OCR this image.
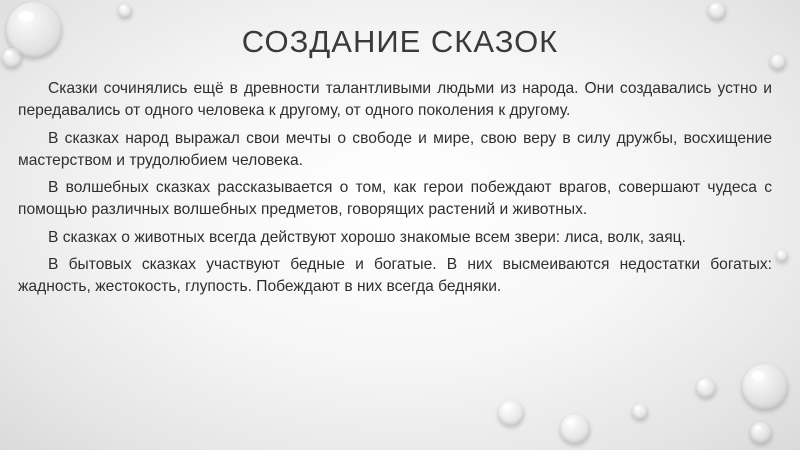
СОЗДАНИЕ СКАЗОК

Сказки сочинялись ещё в древности талантливыми людьми из народа. Они создавались устно и передавались от одного человека к другому, от одного поколения к другому.

В сказках народ выражал свои мечты о свободе и мире, свою веру в силу дружбы, восхищение мастерством и трудолюбием человека.

В волшебных сказках рассказывается о том, как герои побеждают врагов, совершают чудеса с помощью различных волшебных предметов, говорящих растений и животных.

В сказках о животных всегда действуют хорошо знакомые всем звери: лиса, волк, заяц.

В бытовых сказках участвуют бедные и богатые. В них высмеиваются недостатки богатых: жадность, жестокость, глупость. Побеждают в них всегда бедняки.
